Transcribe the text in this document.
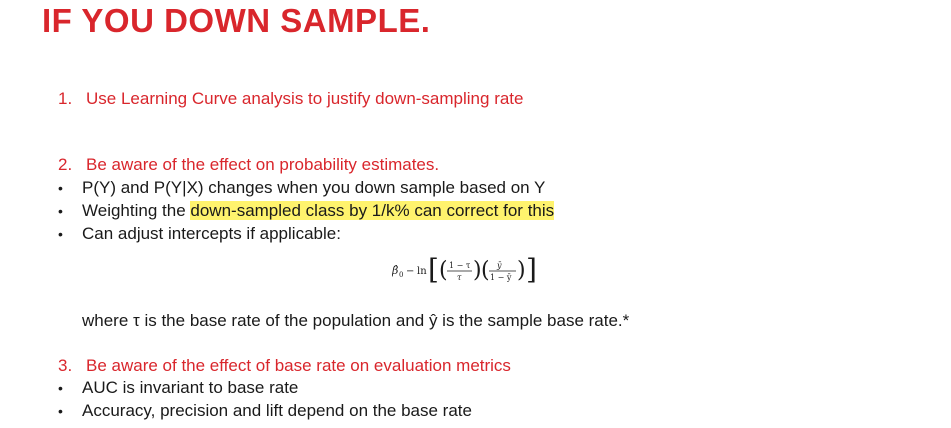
IF YOU DOWN SAMPLE.
1. Use Learning Curve analysis to justify down-sampling rate
2. Be aware of the effect on probability estimates.
• P(Y) and P(Y|X) changes when you down sample based on Y
• Weighting the down-sampled class by 1/k% can correct for this
• Can adjust intercepts if applicable:
β̂ 0 − ln [ ( 1 − τ
τ ) ( ȳ
1 − ȳ ) ]
where τ is the base rate of the population and ŷ is the sample base rate.*
3. Be aware of the effect of base rate on evaluation metrics
• AUC is invariant to base rate
• Accuracy, precision and lift depend on the base rate
